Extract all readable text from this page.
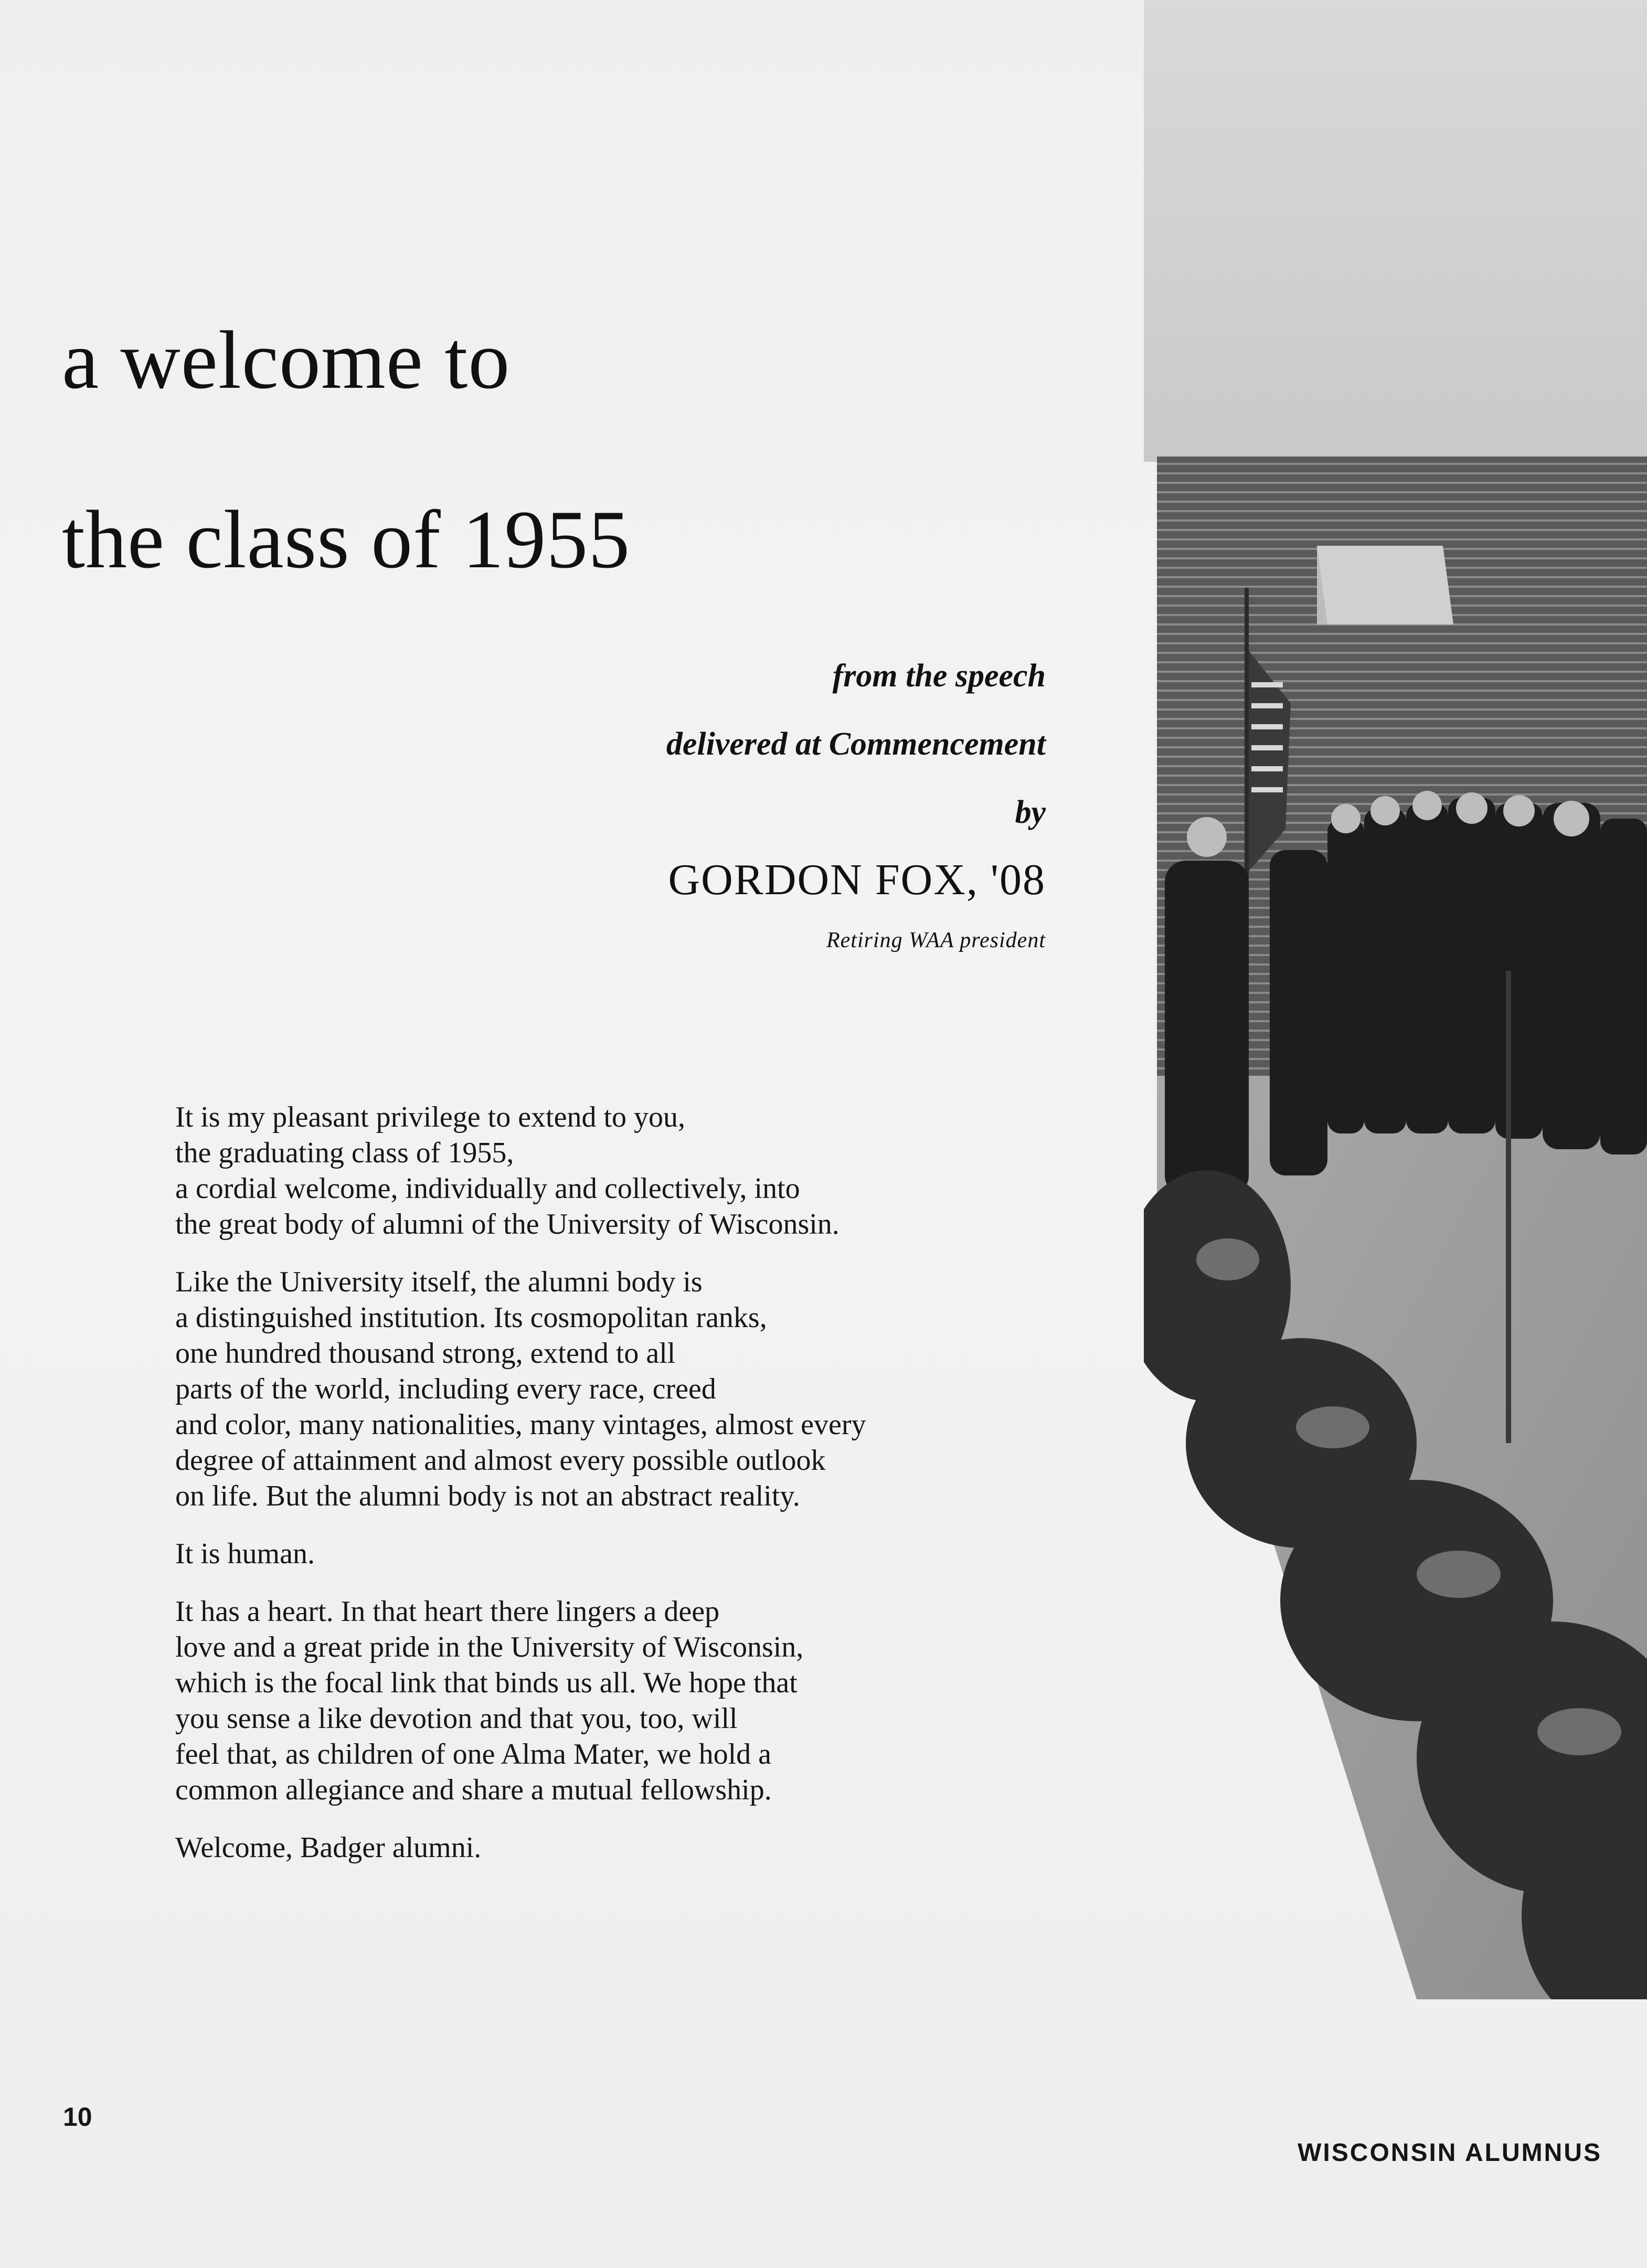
a welcome to
the class of 1955
from the speech
delivered at Commencement
by
GORDON FOX, '08
Retiring WAA president

It is my pleasant privilege to extend to you,
the graduating class of 1955,
a cordial welcome, individually and collectively, into
the great body of alumni of the University of Wisconsin.

Like the University itself, the alumni body is
a distinguished institution. Its cosmopolitan ranks,
one hundred thousand strong, extend to all
parts of the world, including every race, creed
and color, many nationalities, many vintages, almost every
degree of attainment and almost every possible outlook
on life. But the alumni body is not an abstract reality.

It is human.

It has a heart. In that heart there lingers a deep
love and a great pride in the University of Wisconsin,
which is the focal link that binds us all. We hope that
you sense a like devotion and that you, too, will
feel that, as children of one Alma Mater, we hold a
common allegiance and share a mutual fellowship.

Welcome, Badger alumni.

10
WISCONSIN ALUMNUS
